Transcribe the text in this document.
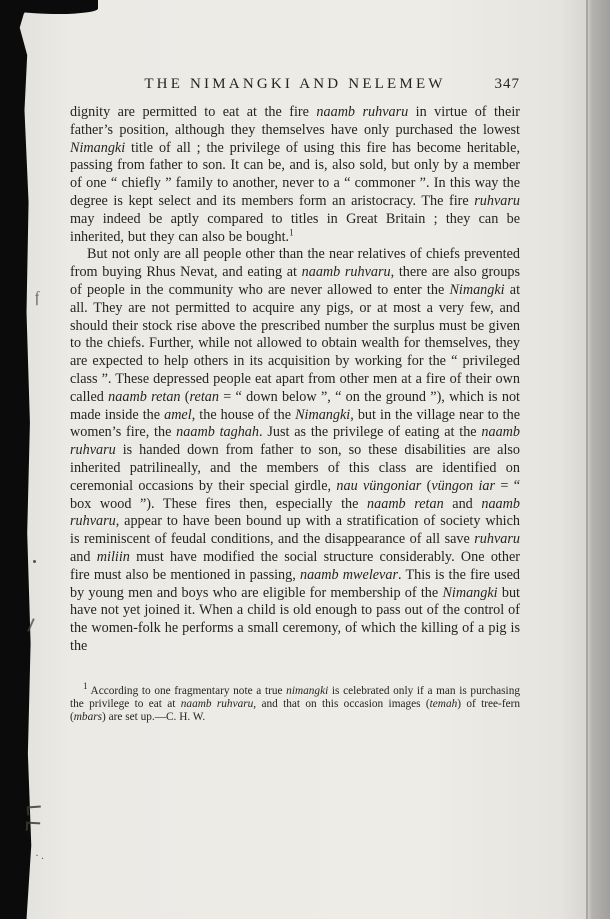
f
·.
THE NIMANGKI AND NELEMEW	347

dignity are permitted to eat at the fire naamb ruhvaru in virtue of their father’s position, although they themselves have only purchased the lowest Nimangki title of all ; the privilege of using this fire has become heritable, passing from father to son. It can be, and is, also sold, but only by a member of one “ chiefly ” family to another, never to a “ commoner ”. In this way the degree is kept select and its members form an aristocracy. The fire ruhvaru may indeed be aptly compared to titles in Great Britain ; they can be inherited, but they can also be bought.$^1$

But not only are all people other than the near relatives of chiefs prevented from buying Rhus Nevat, and eating at naamb ruhvaru, there are also groups of people in the community who are never allowed to enter the Nimangki at all. They are not permitted to acquire any pigs, or at most a very few, and should their stock rise above the prescribed number the surplus must be given to the chiefs. Further, while not allowed to obtain wealth for themselves, they are expected to help others in its acquisition by working for the “ privileged class ”. These depressed people eat apart from other men at a fire of their own called naamb retan (retan = “ down below ”, “ on the ground ”), which is not made inside the amel, the house of the Nimangki, but in the village near to the women’s fire, the naamb taghah. Just as the privilege of eating at the naamb ruhvaru is handed down from father to son, so these disabilities are also inherited patrilineally, and the members of this class are identified on ceremonial occasions by their special girdle, nau vüngoniar (vüngon iar = “ box wood ”). These fires then, especially the naamb retan and naamb ruhvaru, appear to have been bound up with a stratification of society which is reminiscent of feudal conditions, and the disappearance of all save ruhvaru and miliin must have modified the social structure considerably. One other fire must also be mentioned in passing, naamb mwelevar. This is the fire used by young men and boys who are eligible for membership of the Nimangki but have not yet joined it. When a child is old enough to pass out of the control of the women-folk he performs a small ceremony, of which the killing of a pig is the

$^1$ According to one fragmentary note a true nimangki is celebrated only if a man is purchasing the privilege to eat at naamb ruhvaru, and that on this occasion images (temah) of tree-fern (mbars) are set up.—C. H. W.
